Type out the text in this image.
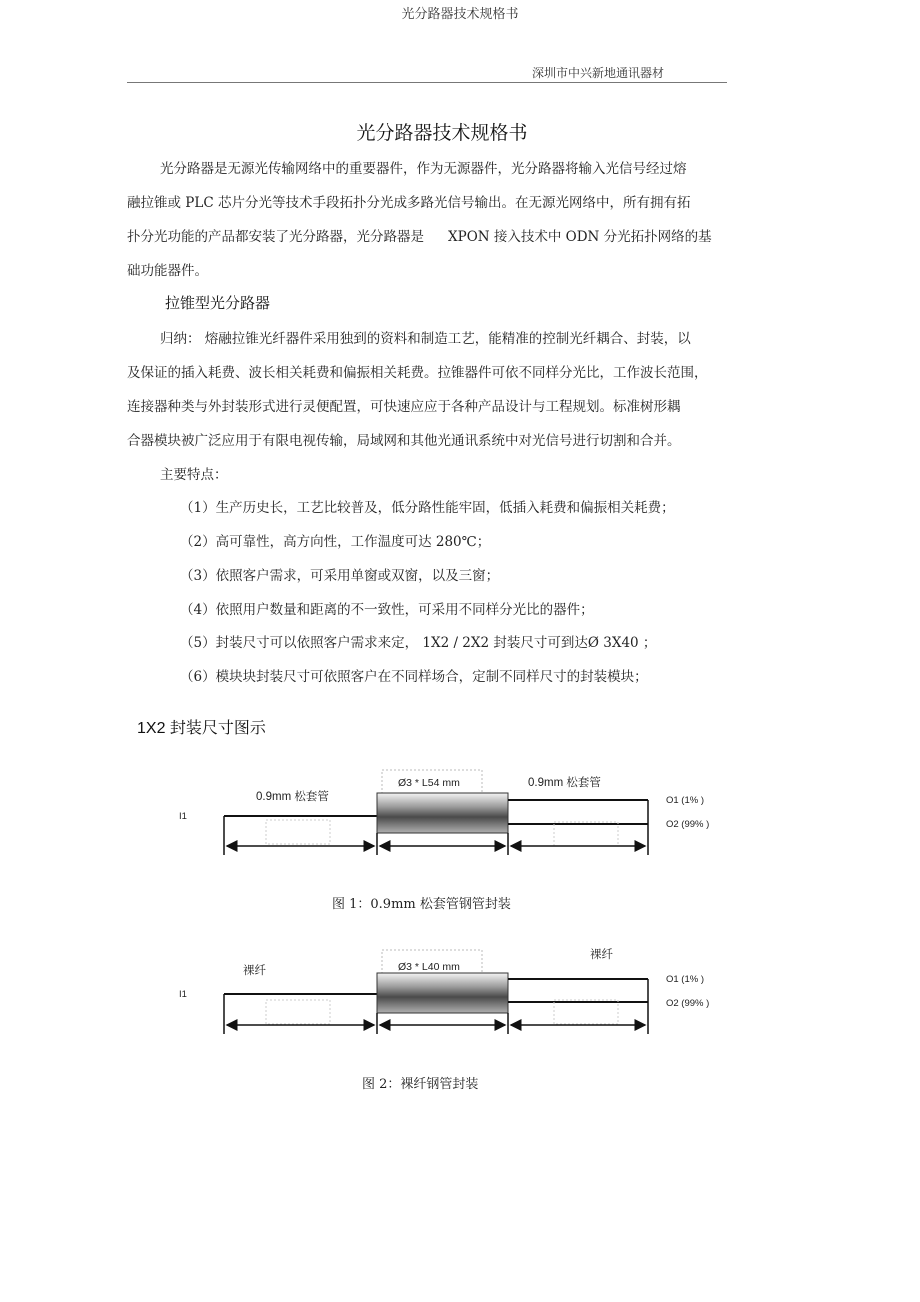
光分路器技术规格书
深圳市中兴新地通讯器材
光分路器技术规格书
光分路器是无源光传输网络中的重要器件，作为无源器件，光分路器将输入光信号经过熔
融拉锥或 PLC 芯片分光等技术手段拓扑分光成多路光信号输出。在无源光网络中，所有拥有拓
扑分光功能的产品都安装了光分路器，光分路器是 XPON 接入技术中 ODN 分光拓扑网络的基
础功能器件。
拉锥型光分路器
归纳： 熔融拉锥光纤器件采用独到的资料和制造工艺，能精准的控制光纤耦合、封装，以
及保证的插入耗费、波长相关耗费和偏振相关耗费。拉锥器件可依不同样分光比，工作波长范围，
连接器种类与外封装形式进行灵便配置，可快速应应于各种产品设计与工程规划。标准树形耦
合器模块被广泛应用于有限电视传输，局域网和其他光通讯系统中对光信号进行切割和合并。
主要特点：
（1）生产历史长，工艺比较普及，低分路性能牢固，低插入耗费和偏振相关耗费；
（2）高可靠性，高方向性，工作温度可达 280℃；
（3）依照客户需求，可采用单窗或双窗，以及三窗；
（4）依照用户数量和距离的不一致性，可采用不同样分光比的器件；
（5）封装尺寸可以依照客户需求来定， 1X2 / 2X2 封装尺寸可到达Ø 3X40 ；
（6）模块块封装尺寸可依照客户在不同样场合，定制不同样尺寸的封装模块；
1X2 封装尺寸图示
Ø3 * L54 mm
0.9mm 松套管
I1
0.9mm 松套管
O1 (1% )
O2 (99% )
图 1：0.9mm 松套管钢管封装
Ø3 * L40 mm
裸纤
I1
裸纤
O1 (1% )
O2 (99% )
图 2：裸纤钢管封装
